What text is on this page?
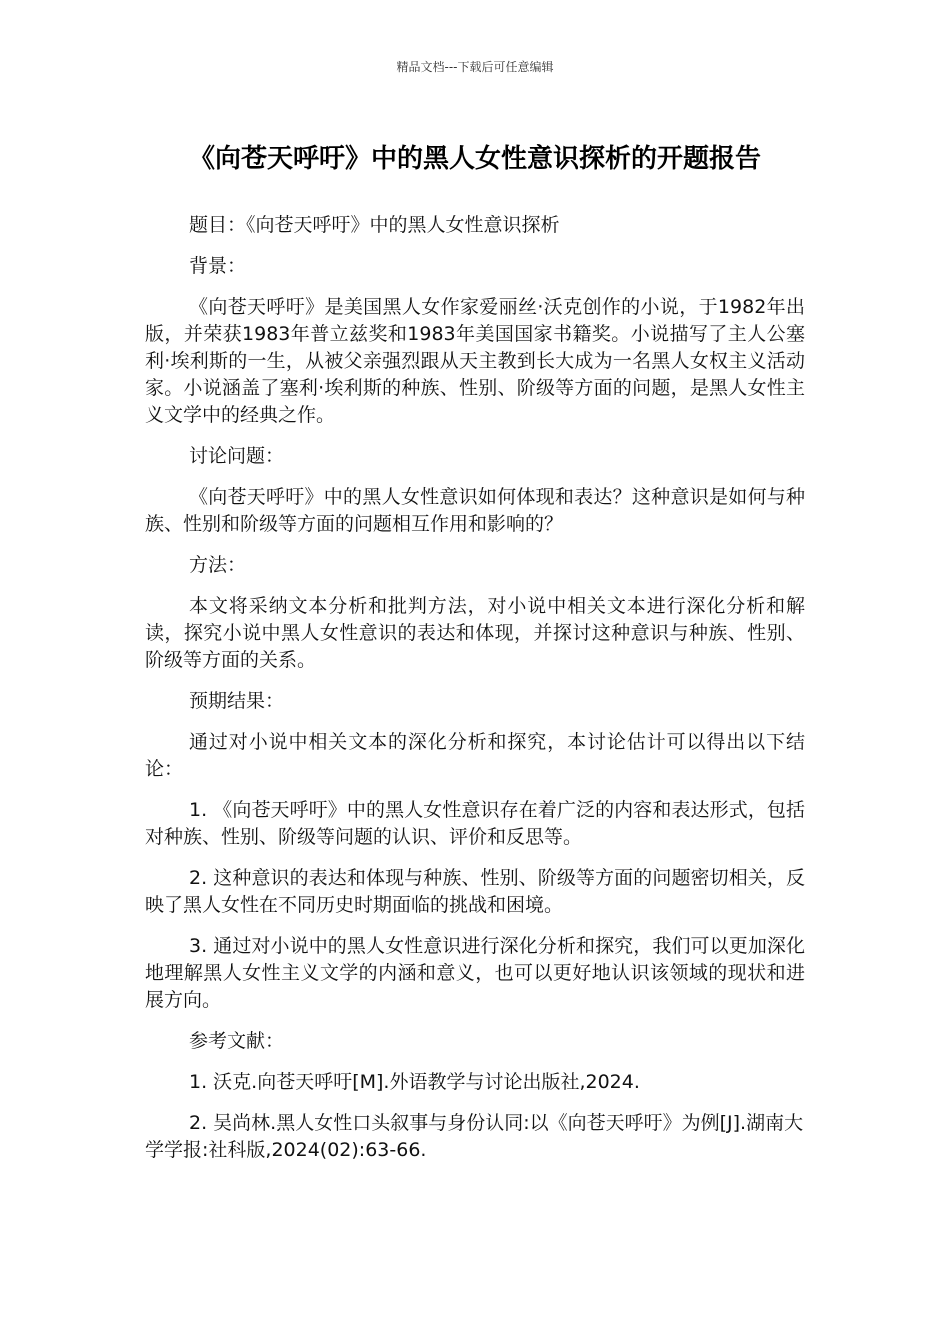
精品文档---下载后可任意编辑
《向苍天呼吁》中的黑人女性意识探析的开题报告

题目：《向苍天呼吁》中的黑人女性意识探析

背景：

《向苍天呼吁》是美国黑人女作家爱丽丝·沃克创作的小说，于1982年出版，并荣获1983年普立兹奖和1983年美国国家书籍奖。小说描写了主人公塞利·埃利斯的一生，从被父亲强烈跟从天主教到长大成为一名黑人女权主义活动家。小说涵盖了塞利·埃利斯的种族、性别、阶级等方面的问题，是黑人女性主义文学中的经典之作。

讨论问题：

《向苍天呼吁》中的黑人女性意识如何体现和表达？这种意识是如何与种族、性别和阶级等方面的问题相互作用和影响的？

方法：

本文将采纳文本分析和批判方法，对小说中相关文本进行深化分析和解读，探究小说中黑人女性意识的表达和体现，并探讨这种意识与种族、性别、阶级等方面的关系。

预期结果：

通过对小说中相关文本的深化分析和探究，本讨论估计可以得出以下结论：

1. 《向苍天呼吁》中的黑人女性意识存在着广泛的内容和表达形式，包括对种族、性别、阶级等问题的认识、评价和反思等。

2. 这种意识的表达和体现与种族、性别、阶级等方面的问题密切相关，反映了黑人女性在不同历史时期面临的挑战和困境。

3. 通过对小说中的黑人女性意识进行深化分析和探究，我们可以更加深化地理解黑人女性主义文学的内涵和意义，也可以更好地认识该领域的现状和进展方向。

参考文献：

1. 沃克.向苍天呼吁[M].外语教学与讨论出版社,2024.

2. 吴尚林.黑人女性口头叙事与身份认同:以《向苍天呼吁》为例[J].湖南大学学报:社科版,2024(02):63-66.
